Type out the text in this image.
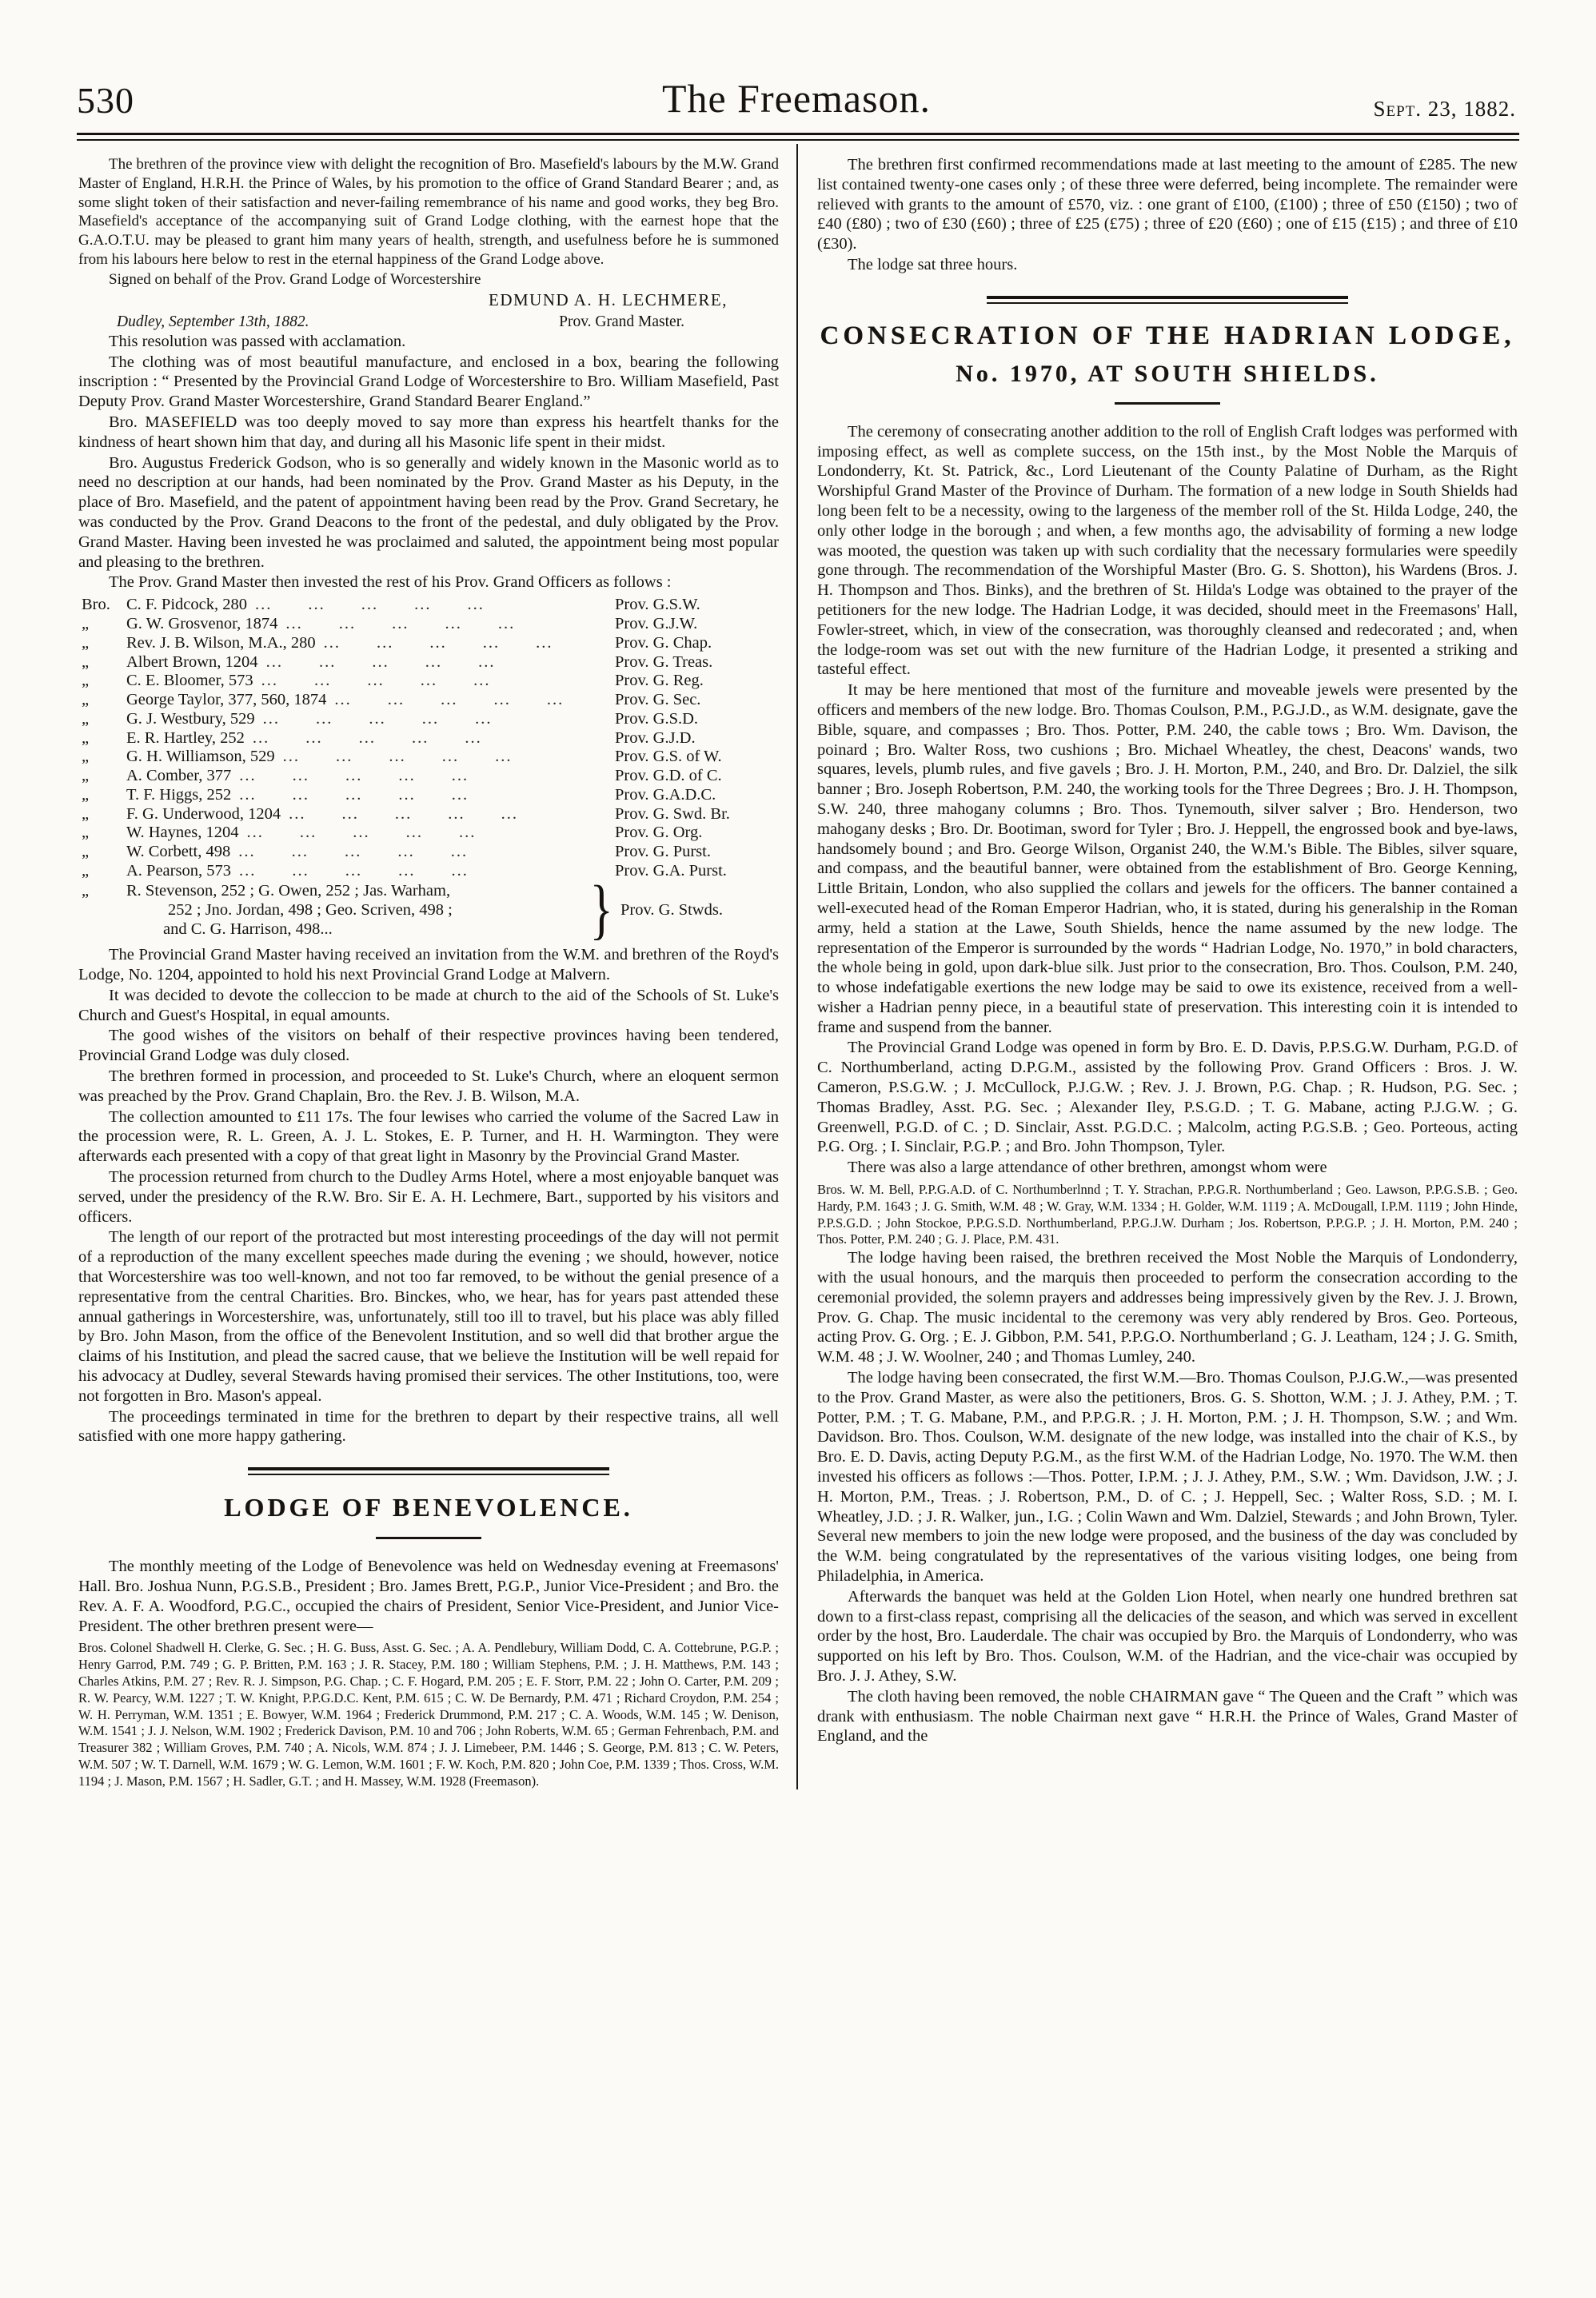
530	The Freemason.	Sept. 23, 1882.

The brethren of the province view with delight the recognition of Bro. Masefield's labours by the M.W. Grand Master of England, H.R.H. the Prince of Wales, by his promotion to the office of Grand Standard Bearer ; and, as some slight token of their satisfaction and never-failing remembrance of his name and good works, they beg Bro. Masefield's acceptance of the accompanying suit of Grand Lodge clothing, with the earnest hope that the G.A.O.T.U. may be pleased to grant him many years of health, strength, and usefulness before he is summoned from his labours here below to rest in the eternal happiness of the Grand Lodge above.

Signed on behalf of the Prov. Grand Lodge of Worcestershire

EDMUND A. H. LECHMERE,
Dudley, September 13th, 1882.	Prov. Grand Master.

This resolution was passed with acclamation.

The clothing was of most beautiful manufacture, and enclosed in a box, bearing the following inscription : “ Presented by the Provincial Grand Lodge of Worcestershire to Bro. William Masefield, Past Deputy Prov. Grand Master Worcestershire, Grand Standard Bearer England.”

Bro. MASEFIELD was too deeply moved to say more than express his heartfelt thanks for the kindness of heart shown him that day, and during all his Masonic life spent in their midst.

Bro. Augustus Frederick Godson, who is so generally and widely known in the Masonic world as to need no description at our hands, had been nominated by the Prov. Grand Master as his Deputy, in the place of Bro. Masefield, and the patent of appointment having been read by the Prov. Grand Secretary, he was conducted by the Prov. Grand Deacons to the front of the pedestal, and duly obligated by the Prov. Grand Master. Having been invested he was proclaimed and saluted, the appointment being most popular and pleasing to the brethren.

The Prov. Grand Master then invested the rest of his Prov. Grand Officers as follows :

Bro. C. F. Pidcock, 280 ...  ...  ...  ...  ...	Prov. G.S.W.
„	G. W. Grosvenor, 1874 ...  ...  ...  ...  ...	Prov. G.J.W.
„	Rev. J. B. Wilson, M.A., 280 ...  ...  ...  ...  ...	Prov. G. Chap.
„	Albert Brown, 1204 ...  ...  ...  ...  ...	Prov. G. Treas.
„	C. E. Bloomer, 573 ...  ...  ...  ...  ...	Prov. G. Reg.
„	George Taylor, 377, 560, 1874 ...  ...  ...  ...  ...	Prov. G. Sec.
„	G. J. Westbury, 529 ...  ...  ...  ...  ...	Prov. G.S.D.
„	E. R. Hartley, 252 ...  ...  ...  ...  ...	Prov. G.J.D.
„	G. H. Williamson, 529 ...  ...  ...  ...  ...	Prov. G.S. of W.
„	A. Comber, 377 ...  ...  ...  ...  ...	Prov. G.D. of C.
„	T. F. Higgs, 252 ...  ...  ...  ...  ...	Prov. G.A.D.C.
„	F. G. Underwood, 1204 ...  ...  ...  ...  ...	Prov. G. Swd. Br.
„	W. Haynes, 1204 ...  ...  ...  ...  ...	Prov. G. Org.
„	W. Corbett, 498 ...  ...  ...  ...  ...	Prov. G. Purst.
„	A. Pearson, 573 ...  ...  ...  ...  ...	Prov. G.A. Purst.
„	R. Stevenson, 252 ; G. Owen, 252 ; Jas. Warham,
252 ; Jno. Jordan, 498 ; Geo. Scriven, 498 ;
and C. G. Harrison, 498...	} Prov. G. Stwds.

The Provincial Grand Master having received an invitation from the W.M. and brethren of the Royd's Lodge, No. 1204, appointed to hold his next Provincial Grand Lodge at Malvern.

It was decided to devote the colleccion to be made at church to the aid of the Schools of St. Luke's Church and Guest's Hospital, in equal amounts.

The good wishes of the visitors on behalf of their respective provinces having been tendered, Provincial Grand Lodge was duly closed.

The brethren formed in procession, and proceeded to St. Luke's Church, where an eloquent sermon was preached by the Prov. Grand Chaplain, Bro. the Rev. J. B. Wilson, M.A.

The collection amounted to £11 17s. The four lewises who carried the volume of the Sacred Law in the procession were, R. L. Green, A. J. L. Stokes, E. P. Turner, and H. H. Warmington. They were afterwards each presented with a copy of that great light in Masonry by the Provincial Grand Master.

The procession returned from church to the Dudley Arms Hotel, where a most enjoyable banquet was served, under the presidency of the R.W. Bro. Sir E. A. H. Lechmere, Bart., supported by his visitors and officers.

The length of our report of the protracted but most interesting proceedings of the day will not permit of a reproduction of the many excellent speeches made during the evening ; we should, however, notice that Worcestershire was too well-known, and not too far removed, to be without the genial presence of a representative from the central Charities. Bro. Binckes, who, we hear, has for years past attended these annual gatherings in Worcestershire, was, unfortunately, still too ill to travel, but his place was ably filled by Bro. John Mason, from the office of the Benevolent Institution, and so well did that brother argue the claims of his Institution, and plead the sacred cause, that we believe the Institution will be well repaid for his advocacy at Dudley, several Stewards having promised their services. The other Institutions, too, were not forgotten in Bro. Mason's appeal.

The proceedings terminated in time for the brethren to depart by their respective trains, all well satisfied with one more happy gathering.

LODGE OF BENEVOLENCE.

The monthly meeting of the Lodge of Benevolence was held on Wednesday evening at Freemasons' Hall. Bro. Joshua Nunn, P.G.S.B., President ; Bro. James Brett, P.G.P., Junior Vice-President ; and Bro. the Rev. A. F. A. Woodford, P.G.C., occupied the chairs of President, Senior Vice-President, and Junior Vice-President. The other brethren present were—

Bros. Colonel Shadwell H. Clerke, G. Sec. ; H. G. Buss, Asst. G. Sec. ; A. A. Pendlebury, William Dodd, C. A. Cottebrune, P.G.P. ; Henry Garrod, P.M. 749 ; G. P. Britten, P.M. 163 ; J. R. Stacey, P.M. 180 ; William Stephens, P.M. ; J. H. Matthews, P.M. 143 ; Charles Atkins, P.M. 27 ; Rev. R. J. Simpson, P.G. Chap. ; C. F. Hogard, P.M. 205 ; E. F. Storr, P.M. 22 ; John O. Carter, P.M. 209 ; R. W. Pearcy, W.M. 1227 ; T. W. Knight, P.P.G.D.C. Kent, P.M. 615 ; C. W. De Bernardy, P.M. 471 ; Richard Croydon, P.M. 254 ; W. H. Perryman, W.M. 1351 ; E. Bowyer, W.M. 1964 ; Frederick Drummond, P.M. 217 ; C. A. Woods, W.M. 145 ; W. Denison, W.M. 1541 ; J. J. Nelson, W.M. 1902 ; Frederick Davison, P.M. 10 and 706 ; John Roberts, W.M. 65 ; German Fehrenbach, P.M. and Treasurer 382 ; William Groves, P.M. 740 ; A. Nicols, W.M. 874 ; J. J. Limebeer, P.M. 1446 ; S. George, P.M. 813 ; C. W. Peters, W.M. 507 ; W. T. Darnell, W.M. 1679 ; W. G. Lemon, W.M. 1601 ; F. W. Koch, P.M. 820 ; John Coe, P.M. 1339 ; Thos. Cross, W.M. 1194 ; J. Mason, P.M. 1567 ; H. Sadler, G.T. ; and H. Massey, W.M. 1928 (Freemason).

The brethren first confirmed recommendations made at last meeting to the amount of £285. The new list contained twenty-one cases only ; of these three were deferred, being incomplete. The remainder were relieved with grants to the amount of £570, viz. : one grant of £100, (£100) ; three of £50 (£150) ; two of £40 (£80) ; two of £30 (£60) ; three of £25 (£75) ; three of £20 (£60) ; one of £15 (£15) ; and three of £10 (£30).

The lodge sat three hours.

CONSECRATION OF THE HADRIAN LODGE,
No. 1970, AT SOUTH SHIELDS.

The ceremony of consecrating another addition to the roll of English Craft lodges was performed with imposing effect, as well as complete success, on the 15th inst., by the Most Noble the Marquis of Londonderry, Kt. St. Patrick, &c., Lord Lieutenant of the County Palatine of Durham, as the Right Worshipful Grand Master of the Province of Durham. The formation of a new lodge in South Shields had long been felt to be a necessity, owing to the largeness of the member roll of the St. Hilda Lodge, 240, the only other lodge in the borough ; and when, a few months ago, the advisability of forming a new lodge was mooted, the question was taken up with such cordiality that the necessary formularies were speedily gone through. The recommendation of the Worshipful Master (Bro. G. S. Shotton), his Wardens (Bros. J. H. Thompson and Thos. Binks), and the brethren of St. Hilda's Lodge was obtained to the prayer of the petitioners for the new lodge. The Hadrian Lodge, it was decided, should meet in the Freemasons' Hall, Fowler-street, which, in view of the consecration, was thoroughly cleansed and redecorated ; and, when the lodge-room was set out with the new furniture of the Hadrian Lodge, it presented a striking and tasteful effect.

It may be here mentioned that most of the furniture and moveable jewels were presented by the officers and members of the new lodge. Bro. Thomas Coulson, P.M., P.G.J.D., as W.M. designate, gave the Bible, square, and compasses ; Bro. Thos. Potter, P.M. 240, the cable tows ; Bro. Wm. Davison, the poinard ; Bro. Walter Ross, two cushions ; Bro. Michael Wheatley, the chest, Deacons' wands, two squares, levels, plumb rules, and five gavels ; Bro. J. H. Morton, P.M., 240, and Bro. Dr. Dalziel, the silk banner ; Bro. Joseph Robertson, P.M. 240, the working tools for the Three Degrees ; Bro. J. H. Thompson, S.W. 240, three mahogany columns ; Bro. Thos. Tynemouth, silver salver ; Bro. Henderson, two mahogany desks ; Bro. Dr. Bootiman, sword for Tyler ; Bro. J. Heppell, the engrossed book and bye-laws, handsomely bound ; and Bro. George Wilson, Organist 240, the W.M.'s Bible. The Bibles, silver square, and compass, and the beautiful banner, were obtained from the establishment of Bro. George Kenning, Little Britain, London, who also supplied the collars and jewels for the officers. The banner contained a well-executed head of the Roman Emperor Hadrian, who, it is stated, during his generalship in the Roman army, held a station at the Lawe, South Shields, hence the name assumed by the new lodge. The representation of the Emperor is surrounded by the words “ Hadrian Lodge, No. 1970,” in bold characters, the whole being in gold, upon dark-blue silk. Just prior to the consecration, Bro. Thos. Coulson, P.M. 240, to whose indefatigable exertions the new lodge may be said to owe its existence, received from a well-wisher a Hadrian penny piece, in a beautiful state of preservation. This interesting coin it is intended to frame and suspend from the banner.

The Provincial Grand Lodge was opened in form by Bro. E. D. Davis, P.P.S.G.W. Durham, P.G.D. of C. Northumberland, acting D.P.G.M., assisted by the following Prov. Grand Officers : Bros. J. W. Cameron, P.S.G.W. ; J. McCullock, P.J.G.W. ; Rev. J. J. Brown, P.G. Chap. ; R. Hudson, P.G. Sec. ; Thomas Bradley, Asst. P.G. Sec. ; Alexander Iley, P.S.G.D. ; T. G. Mabane, acting P.J.G.W. ; G. Greenwell, P.G.D. of C. ; D. Sinclair, Asst. P.G.D.C. ; Malcolm, acting P.G.S.B. ; Geo. Porteous, acting P.G. Org. ; I. Sinclair, P.G.P. ; and Bro. John Thompson, Tyler.

There was also a large attendance of other brethren, amongst whom were

Bros. W. M. Bell, P.P.G.A.D. of C. Northumberlnnd ; T. Y. Strachan, P.P.G.R. Northumberland ; Geo. Lawson, P.P.G.S.B. ; Geo. Hardy, P.M. 1643 ; J. G. Smith, W.M. 48 ; W. Gray, W.M. 1334 ; H. Golder, W.M. 1119 ; A. McDougall, I.P.M. 1119 ; John Hinde, P.P.S.G.D. ; John Stockoe, P.P.G.S.D. Northumberland, P.P.G.J.W. Durham ; Jos. Robertson, P.P.G.P. ; J. H. Morton, P.M. 240 ; Thos. Potter, P.M. 240 ; G. J. Place, P.M. 431.

The lodge having been raised, the brethren received the Most Noble the Marquis of Londonderry, with the usual honours, and the marquis then proceeded to perform the consecration according to the ceremonial provided, the solemn prayers and addresses being impressively given by the Rev. J. J. Brown, Prov. G. Chap. The music incidental to the ceremony was very ably rendered by Bros. Geo. Porteous, acting Prov. G. Org. ; E. J. Gibbon, P.M. 541, P.P.G.O. Northumberland ; G. J. Leatham, 124 ; J. G. Smith, W.M. 48 ; J. W. Woolner, 240 ; and Thomas Lumley, 240.

The lodge having been consecrated, the first W.M.—Bro. Thomas Coulson, P.J.G.W.,—was presented to the Prov. Grand Master, as were also the petitioners, Bros. G. S. Shotton, W.M. ; J. J. Athey, P.M. ; T. Potter, P.M. ; T. G. Mabane, P.M., and P.P.G.R. ; J. H. Morton, P.M. ; J. H. Thompson, S.W. ; and Wm. Davidson. Bro. Thos. Coulson, W.M. designate of the new lodge, was installed into the chair of K.S., by Bro. E. D. Davis, acting Deputy P.G.M., as the first W.M. of the Hadrian Lodge, No. 1970. The W.M. then invested his officers as follows :—Thos. Potter, I.P.M. ; J. J. Athey, P.M., S.W. ; Wm. Davidson, J.W. ; J. H. Morton, P.M., Treas. ; J. Robertson, P.M., D. of C. ; J. Heppell, Sec. ; Walter Ross, S.D. ; M. I. Wheatley, J.D. ; J. R. Walker, jun., I.G. ; Colin Wawn and Wm. Dalziel, Stewards ; and John Brown, Tyler. Several new members to join the new lodge were proposed, and the business of the day was concluded by the W.M. being congratulated by the representatives of the various visiting lodges, one being from Philadelphia, in America.

Afterwards the banquet was held at the Golden Lion Hotel, when nearly one hundred brethren sat down to a first-class repast, comprising all the delicacies of the season, and which was served in excellent order by the host, Bro. Lauderdale. The chair was occupied by Bro. the Marquis of Londonderry, who was supported on his left by Bro. Thos. Coulson, W.M. of the Hadrian, and the vice-chair was occupied by Bro. J. J. Athey, S.W.

The cloth having been removed, the noble CHAIRMAN gave “ The Queen and the Craft ” which was drank with enthusiasm. The noble Chairman next gave “ H.R.H. the Prince of Wales, Grand Master of England, and the
